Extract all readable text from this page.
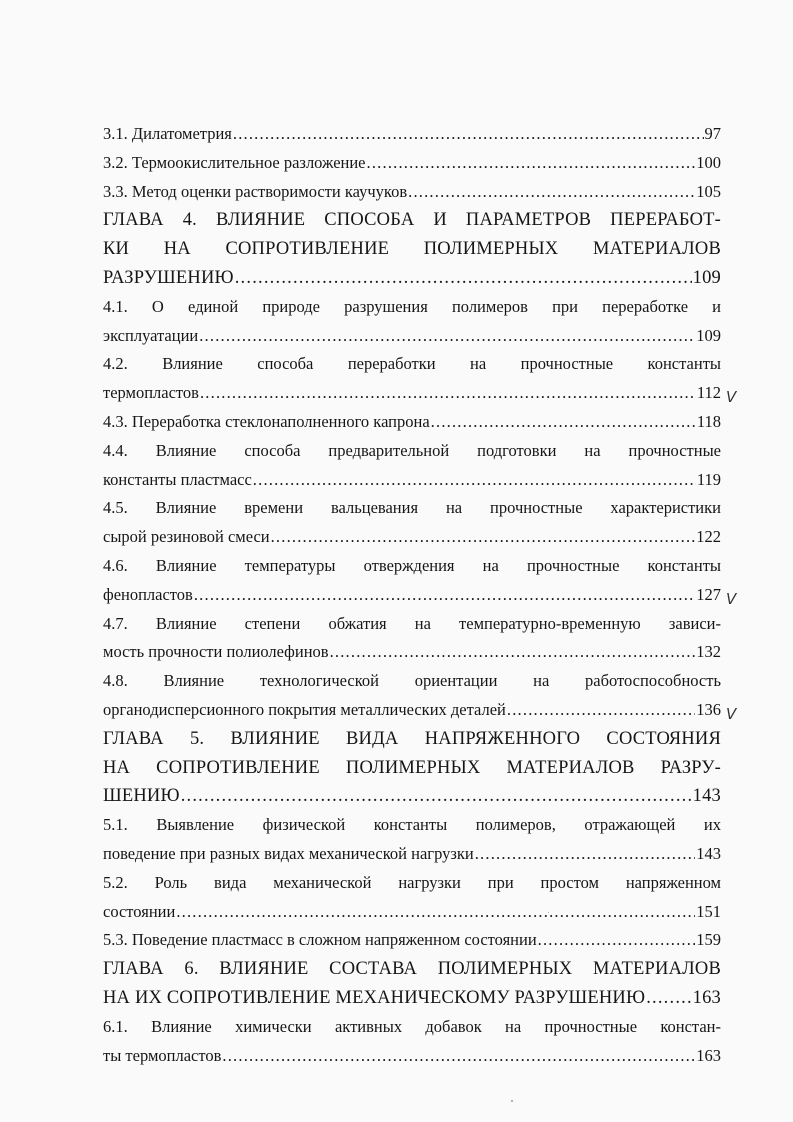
3.1. Дилатометрия .....	97
3.2. Термоокислительное разложение .....	100
3.3. Метод оценки растворимости каучуков .....	105
ГЛАВА 4. ВЛИЯНИЕ СПОСОБА И ПАРАМЕТРОВ ПЕРЕРАБОТ-
КИ НА СОПРОТИВЛЕНИЕ ПОЛИМЕРНЫХ МАТЕРИАЛОВ
РАЗРУШЕНИЮ .....	109
4.1. О единой природе разрушения полимеров при переработке и
эксплуатации .....	109
4.2. Влияние способа переработки на прочностные константы
термопластов .....	112 V
4.3. Переработка стеклонаполненного капрона .....	118
4.4. Влияние способа предварительной подготовки на прочностные
константы пластмасс .....	119
4.5. Влияние времени вальцевания на прочностные характеристики
сырой резиновой смеси .....	122
4.6. Влияние температуры отверждения на прочностные константы
фенопластов .....	127 V
4.7. Влияние степени обжатия на температурно-временную зависи-
мость прочности полиолефинов .....	132
4.8. Влияние технологической ориентации на работоспособность
органодисперсионного покрытия металлических деталей .....	136 V
ГЛАВА 5. ВЛИЯНИЕ ВИДА НАПРЯЖЕННОГО СОСТОЯНИЯ
НА СОПРОТИВЛЕНИЕ ПОЛИМЕРНЫХ МАТЕРИАЛОВ РАЗРУ-
ШЕНИЮ .....	143
5.1. Выявление физической константы полимеров, отражающей их
поведение при разных видах механической нагрузки .....	143
5.2. Роль вида механической нагрузки при простом напряженном
состоянии .....	151
5.3. Поведение пластмасс в сложном напряженном состоянии .....	159
ГЛАВА 6. ВЛИЯНИЕ СОСТАВА ПОЛИМЕРНЫХ МАТЕРИАЛОВ
НА ИХ СОПРОТИВЛЕНИЕ МЕХАНИЧЕСКОМУ РАЗРУШЕНИЮ .....	163
6.1. Влияние химически активных добавок на прочностные констан-
ты термопластов .....	163
